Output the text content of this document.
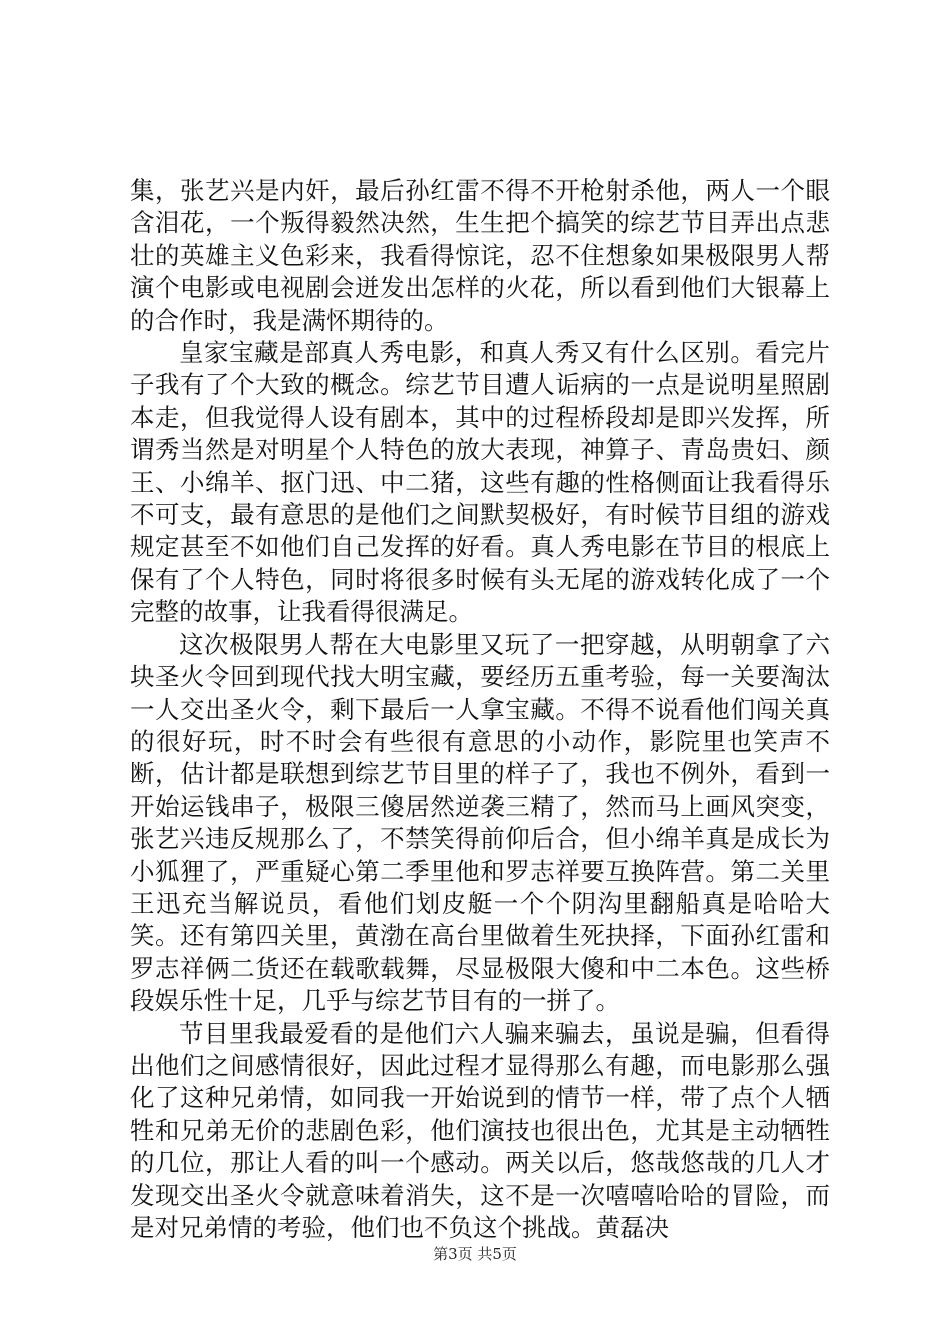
集，张艺兴是内奸，最后孙红雷不得不开枪射杀他，两人一个眼含泪花，一个叛得毅然决然，生生把个搞笑的综艺节目弄出点悲壮的英雄主义色彩来，我看得惊诧，忍不住想象如果极限男人帮演个电影或电视剧会迸发出怎样的火花，所以看到他们大银幕上的合作时，我是满怀期待的。

皇家宝藏是部真人秀电影，和真人秀又有什么区别。看完片子我有了个大致的概念。综艺节目遭人诟病的一点是说明星照剧本走，但我觉得人设有剧本，其中的过程桥段却是即兴发挥，所谓秀当然是对明星个人特色的放大表现，神算子、青岛贵妇、颜王、小绵羊、抠门迅、中二猪，这些有趣的性格侧面让我看得乐不可支，最有意思的是他们之间默契极好，有时候节目组的游戏规定甚至不如他们自己发挥的好看。真人秀电影在节目的根底上保有了个人特色，同时将很多时候有头无尾的游戏转化成了一个完整的故事，让我看得很满足。

这次极限男人帮在大电影里又玩了一把穿越，从明朝拿了六块圣火令回到现代找大明宝藏，要经历五重考验，每一关要淘汰一人交出圣火令，剩下最后一人拿宝藏。不得不说看他们闯关真的很好玩，时不时会有些很有意思的小动作，影院里也笑声不断，估计都是联想到综艺节目里的样子了，我也不例外，看到一开始运钱串子，极限三傻居然逆袭三精了，然而马上画风突变，张艺兴违反规那么了，不禁笑得前仰后合，但小绵羊真是成长为小狐狸了，严重疑心第二季里他和罗志祥要互换阵营。第二关里王迅充当解说员，看他们划皮艇一个个阴沟里翻船真是哈哈大笑。还有第四关里，黄渤在高台里做着生死抉择，下面孙红雷和罗志祥俩二货还在载歌载舞，尽显极限大傻和中二本色。这些桥段娱乐性十足，几乎与综艺节目有的一拼了。

节目里我最爱看的是他们六人骗来骗去，虽说是骗，但看得出他们之间感情很好，因此过程才显得那么有趣，而电影那么强化了这种兄弟情，如同我一开始说到的情节一样，带了点个人牺牲和兄弟无价的悲剧色彩，他们演技也很出色，尤其是主动牺牲的几位，那让人看的叫一个感动。两关以后，悠哉悠哉的几人才发现交出圣火令就意味着消失，这不是一次嘻嘻哈哈的冒险，而是对兄弟情的考验，他们也不负这个挑战。黄磊决

第3页 共5页
